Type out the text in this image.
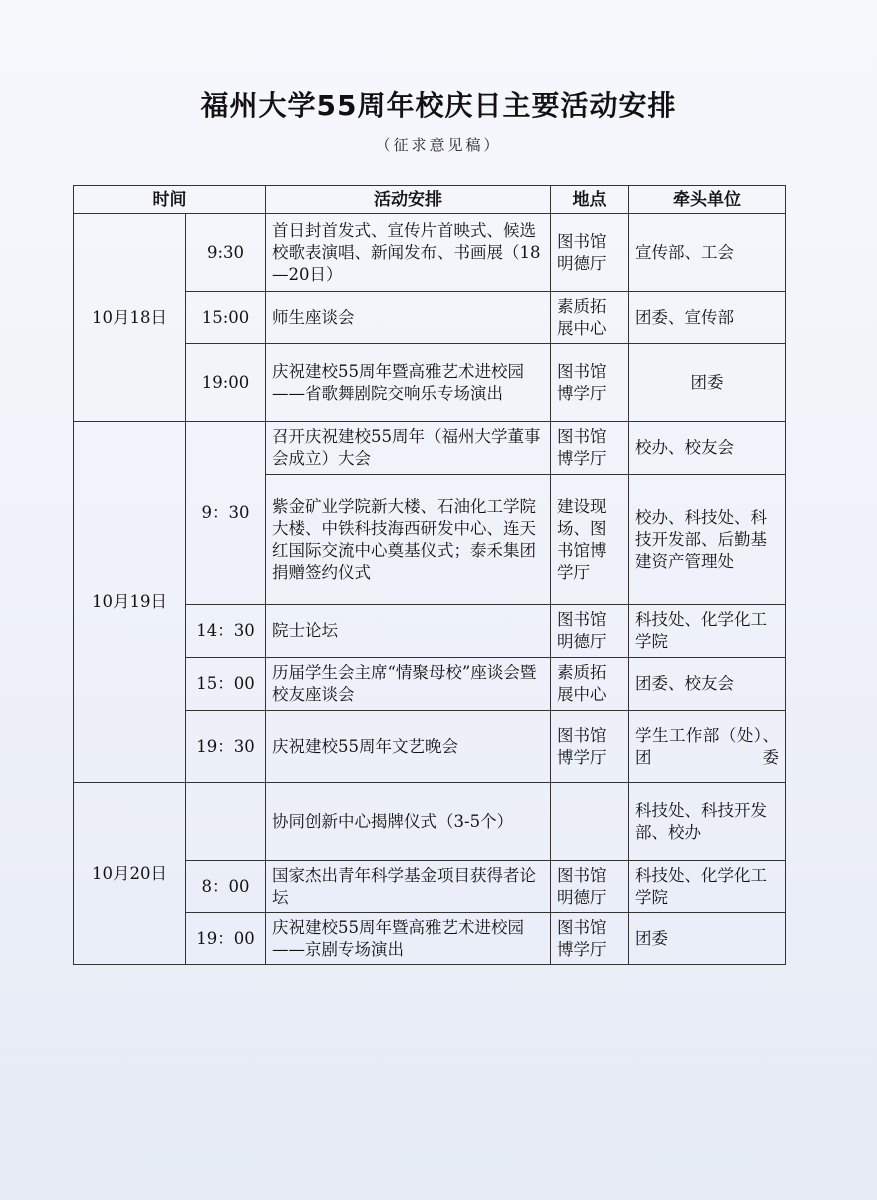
福州大学55周年校庆日主要活动安排
（征求意见稿）
时间		活动安排	地点	牵头单位
10月18日	9:30	首日封首发式、宣传片首映式、候选校歌表演唱、新闻发布、书画展（18—20日）	图书馆明德厅	宣传部、工会
	15:00	师生座谈会	素质拓展中心	团委、宣传部
	19:00	庆祝建校55周年暨高雅艺术进校园——省歌舞剧院交响乐专场演出	图书馆博学厅	团委
10月19日	9：30	召开庆祝建校55周年（福州大学董事会成立）大会	图书馆博学厅	校办、校友会
		紫金矿业学院新大楼、石油化工学院大楼、中铁科技海西研发中心、连天红国际交流中心奠基仪式；泰禾集团捐赠签约仪式	建设现场、图书馆博学厅	校办、科技处、科技开发部、后勤基建资产管理处
	14：30	院士论坛	图书馆明德厅	科技处、化学化工学院
	15：00	历届学生会主席“情聚母校”座谈会暨校友座谈会	素质拓展中心	团委、校友会
	19：30	庆祝建校55周年文艺晚会	图书馆博学厅	学生工作部（处）、团委
10月20日		协同创新中心揭牌仪式（3-5个）		科技处、科技开发部、校办
	8：00	国家杰出青年科学基金项目获得者论坛	图书馆明德厅	科技处、化学化工学院
	19：00	庆祝建校55周年暨高雅艺术进校园——京剧专场演出	图书馆博学厅	团委
